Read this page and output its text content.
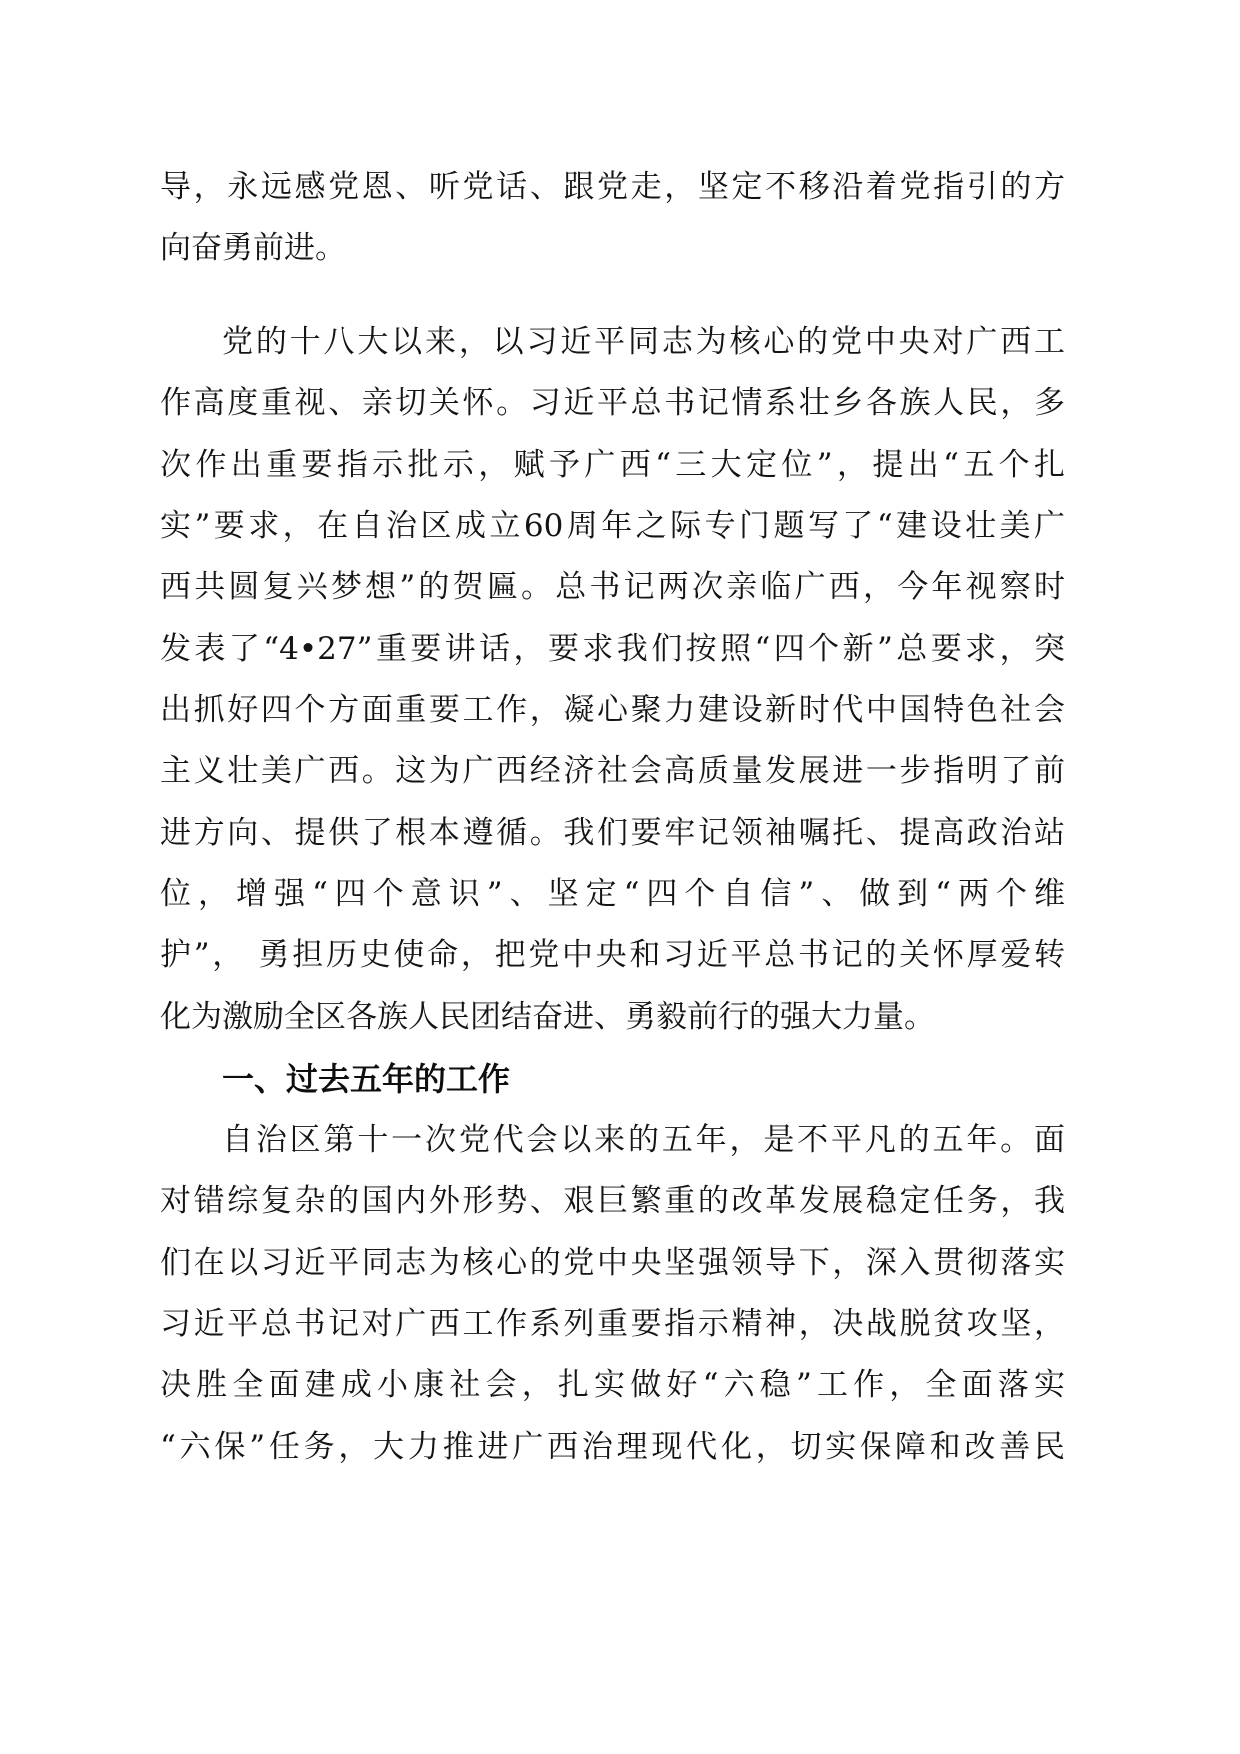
导，永远感党恩、听党话、跟党走，坚定不移沿着党指引的方
向奋勇前进。
党的十八大以来，以习近平同志为核心的党中央对广西工
作高度重视、亲切关怀。习近平总书记情系壮乡各族人民，多
次作出重要指示批示，赋予广西“三大定位”，提出“五个扎
实”要求，在自治区成立60周年之际专门题写了“建设壮美广
西共圆复兴梦想”的贺匾。总书记两次亲临广西，今年视察时
发表了“4•27”重要讲话，要求我们按照“四个新”总要求，突
出抓好四个方面重要工作，凝心聚力建设新时代中国特色社会
主义壮美广西。这为广西经济社会高质量发展进一步指明了前
进方向、提供了根本遵循。我们要牢记领袖嘱托、提高政治站
位，增强“四个意识”、坚定“四个自信”、做到“两个维
护”， 勇担历史使命，把党中央和习近平总书记的关怀厚爱转
化为激励全区各族人民团结奋进、勇毅前行的强大力量。
一、过去五年的工作
自治区第十一次党代会以来的五年，是不平凡的五年。面
对错综复杂的国内外形势、艰巨繁重的改革发展稳定任务，我
们在以习近平同志为核心的党中央坚强领导下，深入贯彻落实
习近平总书记对广西工作系列重要指示精神，决战脱贫攻坚，
决胜全面建成小康社会，扎实做好“六稳”工作，全面落实
“六保”任务，大力推进广西治理现代化，切实保障和改善民
